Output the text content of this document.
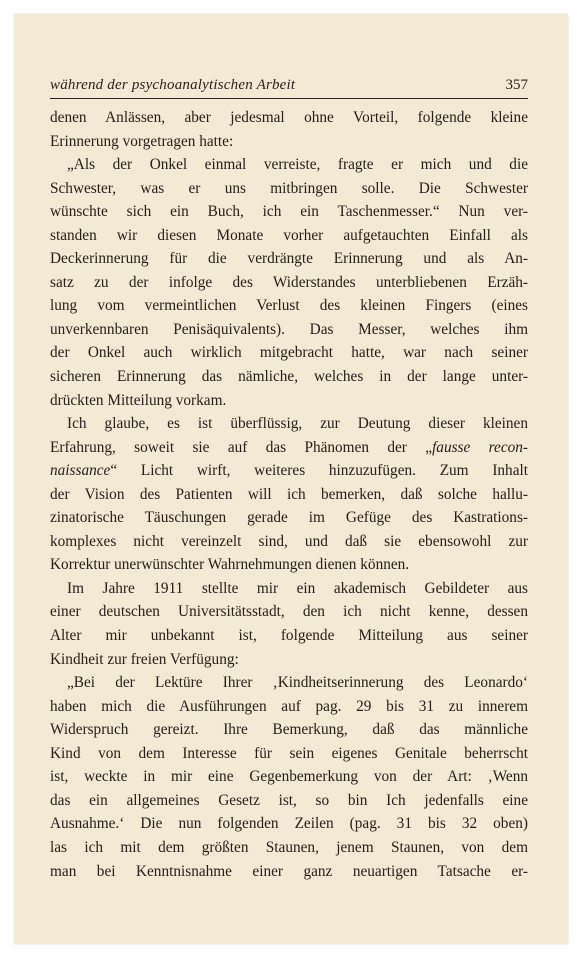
während der psychoanalytischen Arbeit	357
denen Anlässen, aber jedesmal ohne Vorteil, folgende kleine
Erinnerung vorgetragen hatte:
„Als der Onkel einmal verreiste, fragte er mich und die
Schwester, was er uns mitbringen solle. Die Schwester
wünschte sich ein Buch, ich ein Taschenmesser.“ Nun ver-
standen wir diesen Monate vorher aufgetauchten Einfall als
Deckerinnerung für die verdrängte Erinnerung und als An-
satz zu der infolge des Widerstandes unterbliebenen Erzäh-
lung vom vermeintlichen Verlust des kleinen Fingers (eines
unverkennbaren Penisäquivalents). Das Messer, welches ihm
der Onkel auch wirklich mitgebracht hatte, war nach seiner
sicheren Erinnerung das nämliche, welches in der lange unter-
drückten Mitteilung vorkam.
Ich glaube, es ist überflüssig, zur Deutung dieser kleinen
Erfahrung, soweit sie auf das Phänomen der „fausse recon-
naissance“ Licht wirft, weiteres hinzuzufügen. Zum Inhalt
der Vision des Patienten will ich bemerken, daß solche hallu-
zinatorische Täuschungen gerade im Gefüge des Kastrations-
komplexes nicht vereinzelt sind, und daß sie ebensowohl zur
Korrektur unerwünschter Wahrnehmungen dienen können.
Im Jahre 1911 stellte mir ein akademisch Gebildeter aus
einer deutschen Universitätsstadt, den ich nicht kenne, dessen
Alter mir unbekannt ist, folgende Mitteilung aus seiner
Kindheit zur freien Verfügung:
„Bei der Lektüre Ihrer ‚Kindheitserinnerung des Leonardo‘
haben mich die Ausführungen auf pag. 29 bis 31 zu innerem
Widerspruch gereizt. Ihre Bemerkung, daß das männliche
Kind von dem Interesse für sein eigenes Genitale beherrscht
ist, weckte in mir eine Gegenbemerkung von der Art: ‚Wenn
das ein allgemeines Gesetz ist, so bin Ich jedenfalls eine
Ausnahme.‘ Die nun folgenden Zeilen (pag. 31 bis 32 oben)
las ich mit dem größten Staunen, jenem Staunen, von dem
man bei Kenntnisnahme einer ganz neuartigen Tatsache er-
